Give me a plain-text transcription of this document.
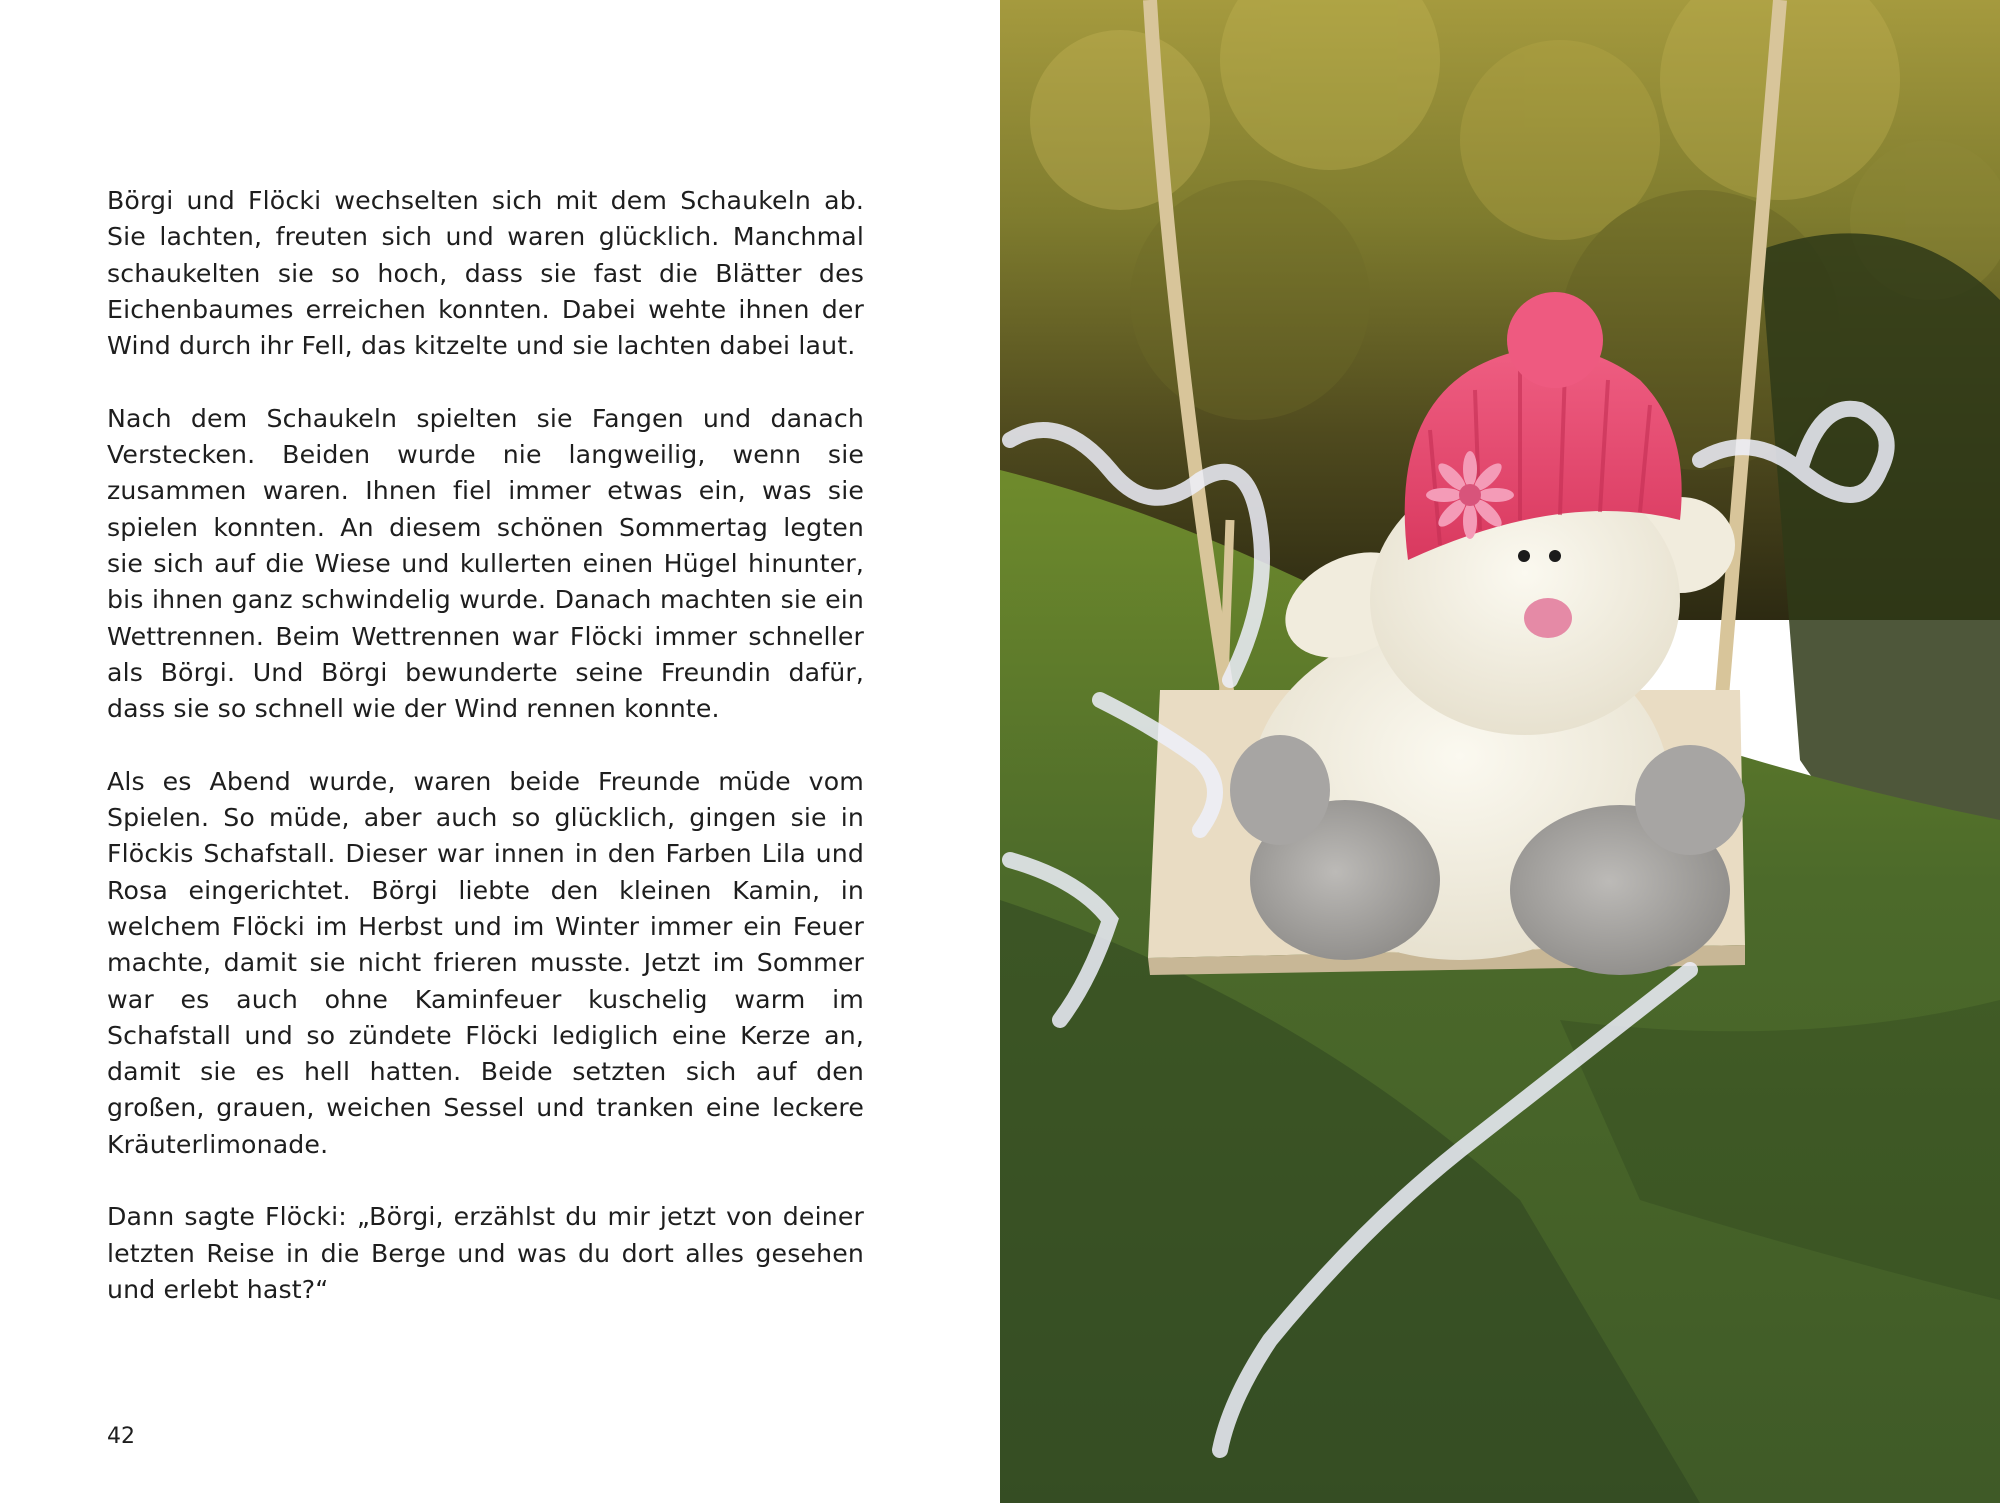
Börgi und Flöcki wechselten sich mit dem Schaukeln ab. Sie lachten, freuten sich und waren glücklich. Manchmal schaukelten sie so hoch, dass sie fast die Blätter des Eichenbaumes erreichen konnten. Dabei wehte ihnen der Wind durch ihr Fell, das kitzelte und sie lachten dabei laut.

Nach dem Schaukeln spielten sie Fangen und danach Verstecken. Beiden wurde nie langweilig, wenn sie zusammen waren. Ihnen fiel immer etwas ein, was sie spielen konnten. An diesem schönen Sommertag legten sie sich auf die Wiese und kullerten einen Hügel hinunter, bis ihnen ganz schwindelig wurde. Danach machten sie ein Wettrennen. Beim Wettrennen war Flöcki immer schneller als Börgi. Und Börgi bewunderte seine Freundin dafür, dass sie so schnell wie der Wind rennen konnte.

Als es Abend wurde, waren beide Freunde müde vom Spielen. So müde, aber auch so glücklich, gingen sie in Flöckis Schafstall. Dieser war innen in den Farben Lila und Rosa eingerichtet. Börgi liebte den kleinen Kamin, in welchem Flöcki im Herbst und im Winter immer ein Feuer machte, damit sie nicht frieren musste. Jetzt im Sommer war es auch ohne Kaminfeuer kuschelig warm im Schafstall und so zündete Flöcki lediglich eine Kerze an, damit sie es hell hatten. Beide setzten sich auf den großen, grauen, weichen Sessel und tranken eine leckere Kräuterlimonade.

Dann sagte Flöcki: „Börgi, erzählst du mir jetzt von deiner letzten Reise in die Berge und was du dort alles gesehen und erlebt hast?“

42
